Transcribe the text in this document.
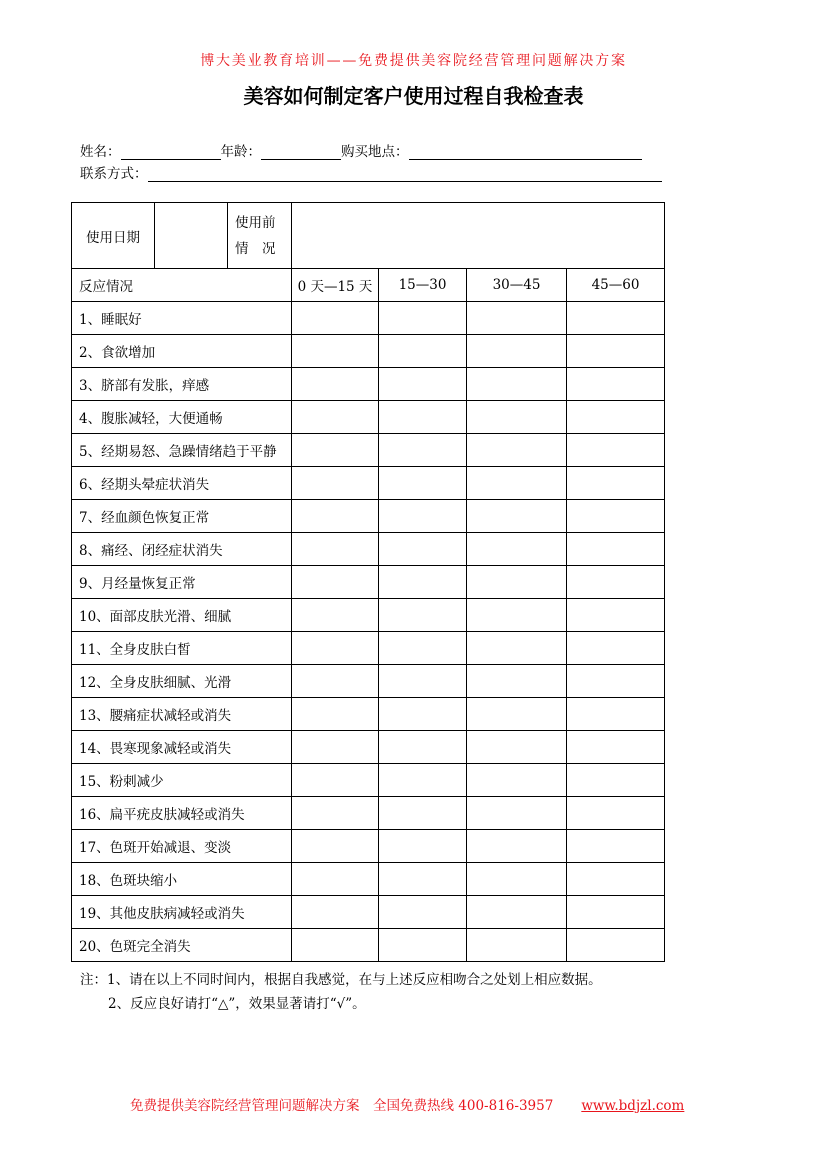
博大美业教育培训——免费提供美容院经营管理问题解决方案
美容如何制定客户使用过程自我检查表
姓名：	年龄：	购买地点：
联系方式：
使用日期		使用前
情　况				

反应情况			0 天—15 天	15—30	30—45	45—60
1、睡眠好						
2、食欲增加						
3、脐部有发胀，痒感						
4、腹胀减轻，大便通畅						
5、经期易怒、急躁情绪趋于平静						
6、经期头晕症状消失						
7、经血颜色恢复正常						
8、痛经、闭经症状消失						
9、月经量恢复正常						
10、面部皮肤光滑、细腻						
11、全身皮肤白皙						
12、全身皮肤细腻、光滑						
13、腰痛症状减轻或消失						
14、畏寒现象减轻或消失						
15、粉刺减少						
16、扁平疣皮肤减轻或消失						
17、色斑开始减退、变淡						
18、色斑块缩小						
19、其他皮肤病减轻或消失						
20、色斑完全消失						
注：1、请在以上不同时间内，根据自我感觉，在与上述反应相吻合之处划上相应数据。
2、反应良好请打“△”，效果显著请打“√”。
免费提供美容院经营管理问题解决方案　全国免费热线 400-816-3957 www.bdjzl.com
